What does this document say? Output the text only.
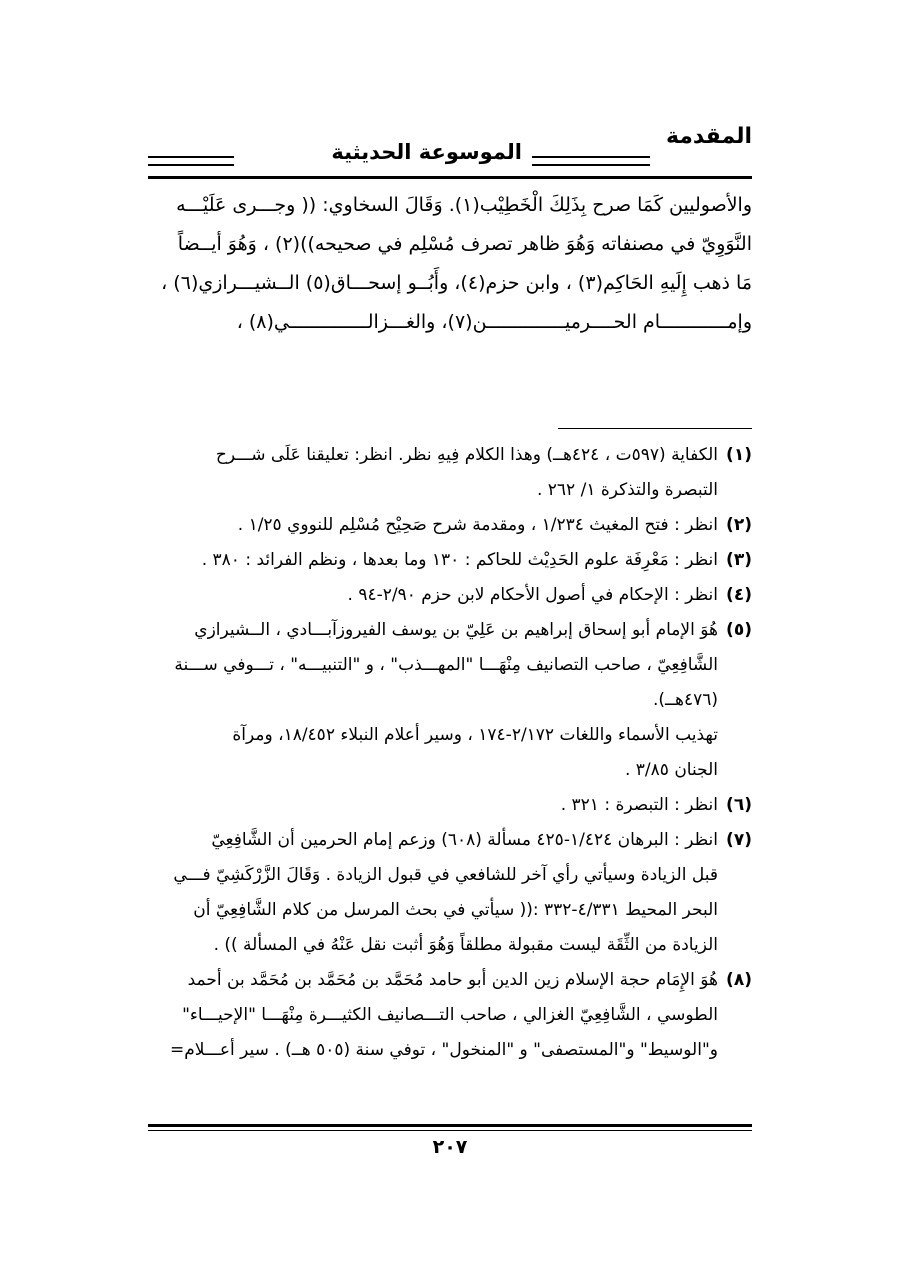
المقدمة
الموسوعة الحديثية
والأصوليين كَمَا صرح بِذَلِكَ الْخَطِيْب(١). وَقَالَ السخاوي: (( وجـــرى عَلَيْـــه
النَّوَوِيّ في مصنفاته وَهُوَ ظاهر تصرف مُسْلِم في صحيحه))(٢) ، وَهُوَ أيــضاً
مَا ذهب إِلَيهِ الحَاكِم(٣) ، وابن حزم(٤)، وأَبُــو إسحـــاق(٥) الــشيـــرازي(٦) ،
وإمــــــــــــام الحــــرميــــــــــــــن(٧)، والغـــزالــــــــــــــي(٨) ،
(١)
الكفاية (٥٩٧ت ، ٤٢٤هــ) وهذا الكلام فِيهِ نظر. انظر: تعليقنا عَلَى شـــرح
التبصرة والتذكرة ١/ ٢٦٢ .
(٢)
انظر : فتح المغيث ١/٢٣٤ ، ومقدمة شرح صَحِيْح مُسْلِم للنووي ١/٢٥ .
(٣)
انظر : مَعْرِفَة علوم الحَدِيْث للحاكم : ١٣٠ وما بعدها ، ونظم الفرائد : ٣٨٠ .
(٤)
انظر : الإحكام في أصول الأحكام لابن حزم ٢/٩٠-٩٤ .
(٥)
هُوَ الإمام أبو إسحاق إبراهيم بن عَلِيّ بن يوسف الفيروزآبـــادي ، الــشيرازي
الشَّافِعِيّ ، صاحب التصانيف مِنْهَـــا "المهـــذب" ، و "التنبيـــه" ، تـــوفي ســـنة
(٤٧٦هــ).
تهذيب الأسماء واللغات ٢/١٧٢-١٧٤ ، وسير أعلام النبلاء ١٨/٤٥٢، ومرآة
الجنان ٣/٨٥ .
(٦)
انظر : التبصرة : ٣٢١ .
(٧)
انظر : البرهان ١/٤٢٤-٤٢٥ مسألة (٦٠٨) وزعم إمام الحرمين أن الشَّافِعِيّ
قبل الزيادة وسيأتي رأي آخر للشافعي في قبول الزيادة . وَقَالَ الزَّرْكَشِيّ فـــي
البحر المحيط ٤/٣٣١-٣٣٢ :(( سيأتي في بحث المرسل من كلام الشَّافِعِيّ أن
الزيادة من الثِّقَة ليست مقبولة مطلقاً وَهُوَ أثبت نقل عَنْهُ في المسألة )) .
(٨)
هُوَ الإِمَام حجة الإسلام زين الدين أبو حامد مُحَمَّد بن مُحَمَّد بن مُحَمَّد بن أحمد
الطوسي ، الشَّافِعِيّ الغزالي ، صاحب التـــصانيف الكثيـــرة مِنْهَـــا "الإحيـــاء"
و"الوسيط" و"المستصفى" و "المنخول" ، توفي سنة (٥٠٥ هــ) . سير أعـــلام=
٢٠٧
